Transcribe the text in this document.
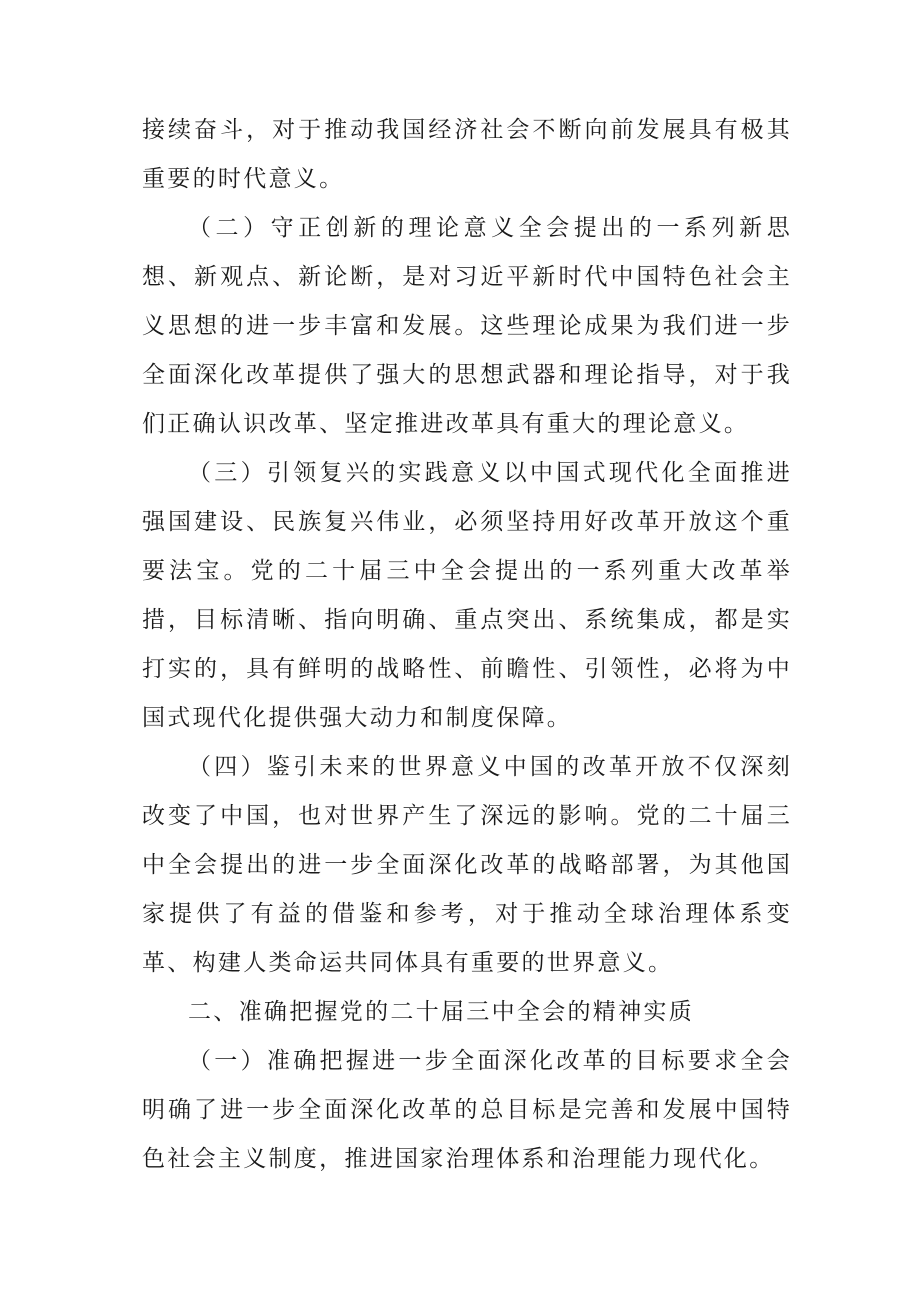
接续奋斗，对于推动我国经济社会不断向前发展具有极其重要的时代意义。

（二）守正创新的理论意义全会提出的一系列新思想、新观点、新论断，是对习近平新时代中国特色社会主义思想的进一步丰富和发展。这些理论成果为我们进一步全面深化改革提供了强大的思想武器和理论指导，对于我们正确认识改革、坚定推进改革具有重大的理论意义。

（三）引领复兴的实践意义以中国式现代化全面推进强国建设、民族复兴伟业，必须坚持用好改革开放这个重要法宝。党的二十届三中全会提出的一系列重大改革举措，目标清晰、指向明确、重点突出、系统集成，都是实打实的，具有鲜明的战略性、前瞻性、引领性，必将为中国式现代化提供强大动力和制度保障。

（四）鉴引未来的世界意义中国的改革开放不仅深刻改变了中国，也对世界产生了深远的影响。党的二十届三中全会提出的进一步全面深化改革的战略部署，为其他国家提供了有益的借鉴和参考，对于推动全球治理体系变革、构建人类命运共同体具有重要的世界意义。

二、准确把握党的二十届三中全会的精神实质

（一）准确把握进一步全面深化改革的目标要求全会明确了进一步全面深化改革的总目标是完善和发展中国特色社会主义制度，推进国家治理体系和治理能力现代化。
